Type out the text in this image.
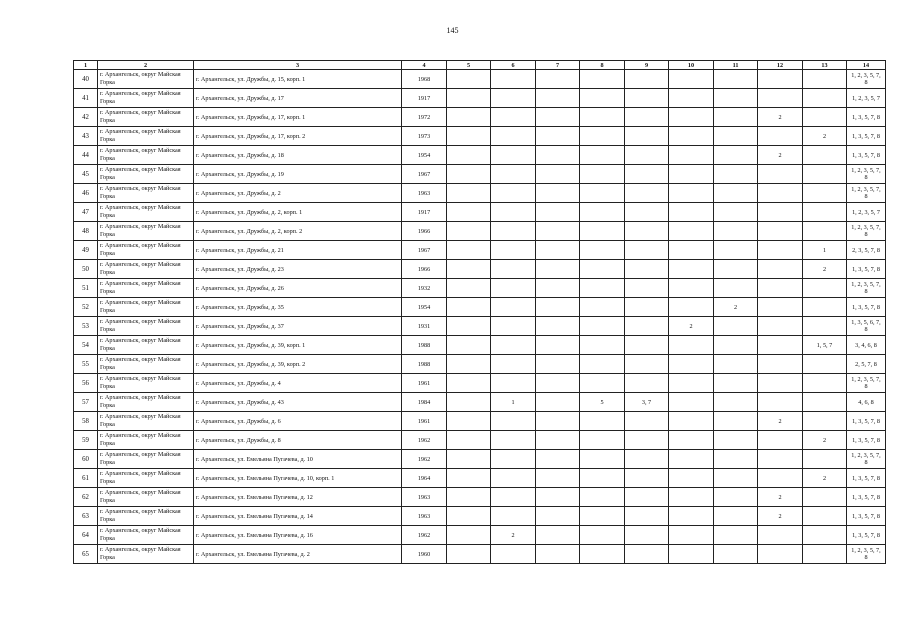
145
1	2	3	4	5	6	7	8	9	10	11	12	13	14
40	г. Архангельск, округ Майская Горка	г. Архангельск, ул. Дружбы, д. 15, корп. 1	1968										1, 2, 3, 5, 7, 8
41	г. Архангельск, округ Майская Горка	г. Архангельск, ул. Дружбы, д. 17	1917										1, 2, 3, 5, 7
42	г. Архангельск, округ Майская Горка	г. Архангельск, ул. Дружбы, д. 17, корп. 1	1972								2		1, 3, 5, 7, 8
43	г. Архангельск, округ Майская Горка	г. Архангельск, ул. Дружбы, д. 17, корп. 2	1973									2	1, 3, 5, 7, 8
44	г. Архангельск, округ Майская Горка	г. Архангельск, ул. Дружбы, д. 18	1954								2		1, 3, 5, 7, 8
45	г. Архангельск, округ Майская Горка	г. Архангельск, ул. Дружбы, д. 19	1967										1, 2, 3, 5, 7, 8
46	г. Архангельск, округ Майская Горка	г. Архангельск, ул. Дружбы, д. 2	1963										1, 2, 3, 5, 7, 8
47	г. Архангельск, округ Майская Горка	г. Архангельск, ул. Дружбы, д. 2, корп. 1	1917										1, 2, 3, 5, 7
48	г. Архангельск, округ Майская Горка	г. Архангельск, ул. Дружбы, д. 2, корп. 2	1966										1, 2, 3, 5, 7, 8
49	г. Архангельск, округ Майская Горка	г. Архангельск, ул. Дружбы, д. 21	1967									1	2, 3, 5, 7, 8
50	г. Архангельск, округ Майская Горка	г. Архангельск, ул. Дружбы, д. 23	1966									2	1, 3, 5, 7, 8
51	г. Архангельск, округ Майская Горка	г. Архангельск, ул. Дружбы, д. 26	1932										1, 2, 3, 5, 7, 8
52	г. Архангельск, округ Майская Горка	г. Архангельск, ул. Дружбы, д. 35	1954							2			1, 3, 5, 7, 8
53	г. Архангельск, округ Майская Горка	г. Архангельск, ул. Дружбы, д. 37	1931						2				1, 3, 5, 6, 7, 8
54	г. Архангельск, округ Майская Горка	г. Архангельск, ул. Дружбы, д. 39, корп. 1	1988									1, 5, 7	3, 4, 6, 8
55	г. Архангельск, округ Майская Горка	г. Архангельск, ул. Дружбы, д. 39, корп. 2	1988										2, 5, 7, 8
56	г. Архангельск, округ Майская Горка	г. Архангельск, ул. Дружбы, д. 4	1961										1, 2, 3, 5, 7, 8
57	г. Архангельск, округ Майская Горка	г. Архангельск, ул. Дружбы, д. 43	1984		1		5	3, 7					4, 6, 8
58	г. Архангельск, округ Майская Горка	г. Архангельск, ул. Дружбы, д. 6	1961								2		1, 3, 5, 7, 8
59	г. Архангельск, округ Майская Горка	г. Архангельск, ул. Дружбы, д. 8	1962									2	1, 3, 5, 7, 8
60	г. Архангельск, округ Майская Горка	г. Архангельск, ул. Емельяна Пугачева, д. 10	1962										1, 2, 3, 5, 7, 8
61	г. Архангельск, округ Майская Горка	г. Архангельск, ул. Емельяна Пугачева, д. 10, корп. 1	1964									2	1, 3, 5, 7, 8
62	г. Архангельск, округ Майская Горка	г. Архангельск, ул. Емельяна Пугачева, д. 12	1963								2		1, 3, 5, 7, 8
63	г. Архангельск, округ Майская Горка	г. Архангельск, ул. Емельяна Пугачева, д. 14	1963								2		1, 3, 5, 7, 8
64	г. Архангельск, округ Майская Горка	г. Архангельск, ул. Емельяна Пугачева, д. 16	1962		2								1, 3, 5, 7, 8
65	г. Архангельск, округ Майская Горка	г. Архангельск, ул. Емельяна Пугачева, д. 2	1960										1, 2, 3, 5, 7, 8
